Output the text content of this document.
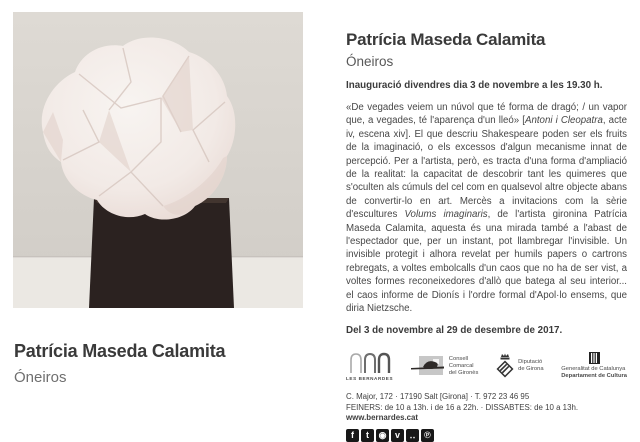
Patrícia Maseda Calamita
Óneiros
Patrícia Maseda Calamita
Óneiros
Inauguració divendres dia 3 de novembre a les 19.30 h.

«De vegades veiem un núvol que té forma de dragó; / un vapor que, a vegades, té l'aparença d'un lleó» [Antoni i Cleopatra, acte iv, escena xiv]. El que descriu Shakespeare poden ser els fruits de la imaginació, o els excessos d'algun mecanisme innat de percepció. Per a l'artista, però, es tracta d'una forma d'ampliació de la realitat: la capacitat de descobrir tant les quimeres que s'oculten als cúmuls del cel com en qualsevol altre objecte abans de convertir-lo en art. Mercès a invitacions com la sèrie d'escultures Volums imaginaris, de l'artista gironina Patrícia Maseda Calamita, aquesta és una mirada també a l'abast de l'espectador que, per un instant, pot llambregar l'invisible. Un invisible protegit i alhora revelat per humils papers o cartrons rebregats, a voltes embolcalls d'un caos que no ha de ser vist, a voltes formes reconeixedores d'allò que batega al seu interior... el caos informe de Dionís i l'ordre formal d'Apol·lo ensems, que diria Nietzsche.

Del 3 de novembre al 29 de desembre de 2017.
LES BERNARDES
Consell
Comarcal
del Gironès
Diputació
de Girona	Generalitat de Catalunya
Departament de Cultura
C. Major, 172 · 17190 Salt [Girona] · T. 972 23 46 95
FEINERS: de 10 a 13h. i de 16 a 22h. · DISSABTES: de 10 a 13h.
www.bernardes.cat
f	t	◉ v	‥ ℗
